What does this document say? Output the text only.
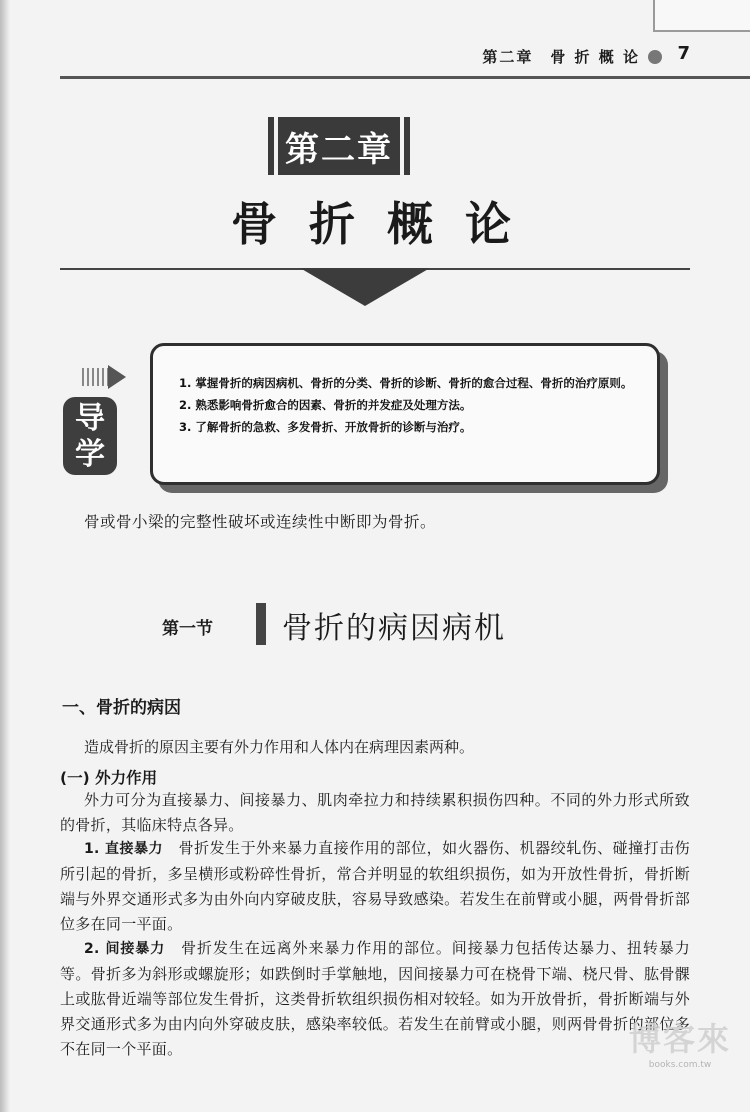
第二章　骨 折 概 论 7
第二章
骨 折 概 论
1. 掌握骨折的病因病机、骨折的分类、骨折的诊断、骨折的愈合过程、骨折的治疗原则。
2. 熟悉影响骨折愈合的因素、骨折的并发症及处理方法。
3. 了解骨折的急救、多发骨折、开放骨折的诊断与治疗。
导
学
骨或骨小梁的完整性破坏或连续性中断即为骨折。
第一节 骨折的病因病机
一、骨折的病因
造成骨折的原因主要有外力作用和人体内在病理因素两种。
(一) 外力作用
外力可分为直接暴力、间接暴力、肌肉牵拉力和持续累积损伤四种。不同的外力形式所致的骨折，其临床特点各异。
1. 直接暴力　骨折发生于外来暴力直接作用的部位，如火器伤、机器绞轧伤、碰撞打击伤所引起的骨折，多呈横形或粉碎性骨折，常合并明显的软组织损伤，如为开放性骨折，骨折断端与外界交通形式多为由外向内穿破皮肤，容易导致感染。若发生在前臂或小腿，两骨骨折部位多在同一平面。
2. 间接暴力　骨折发生在远离外来暴力作用的部位。间接暴力包括传达暴力、扭转暴力等。骨折多为斜形或螺旋形；如跌倒时手掌触地，因间接暴力可在桡骨下端、桡尺骨、肱骨髁上或肱骨近端等部位发生骨折，这类骨折软组织损伤相对较轻。如为开放骨折，骨折断端与外界交通形式多为由内向外穿破皮肤，感染率较低。若发生在前臂或小腿，则两骨骨折的部位多不在同一个平面。	博客來
books.com.tw
